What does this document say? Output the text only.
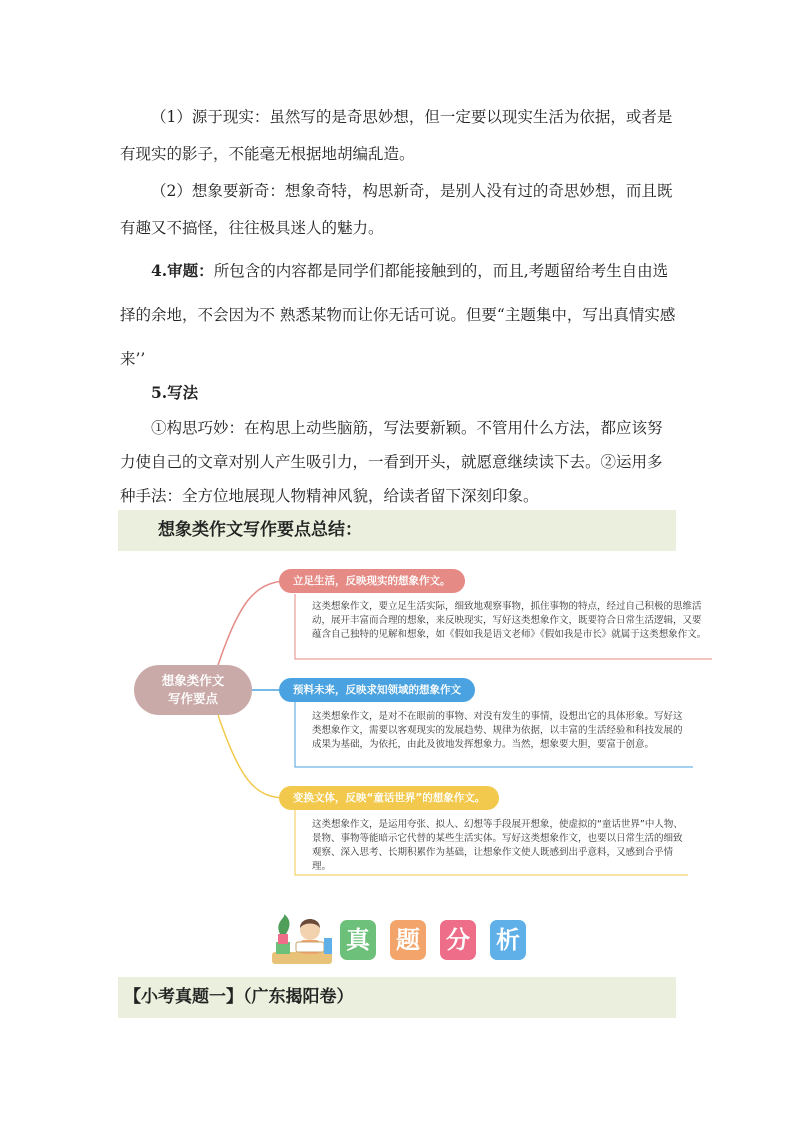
（1）源于现实：虽然写的是奇思妙想，但一定要以现实生活为依据，或者是有现实的影子，不能毫无根据地胡编乱造。

（2）想象要新奇：想象奇特，构思新奇，是别人没有过的奇思妙想，而且既有趣又不搞怪，往往极具迷人的魅力。

4.审题：所包含的内容都是同学们都能接触到的，而且,考题留给考生自由选择的余地，不会因为不 熟悉某物而让你无话可说。但要“主题集中，写出真情实感来’’

5.写法

①构思巧妙：在构思上动些脑筋，写法要新颖。不管用什么方法，都应该努力使自己的文章对别人产生吸引力，一看到开头，就愿意继续读下去。②运用多种手法：全方位地展现人物精神风貌，给读者留下深刻印象。

想象类作文写作要点总结：
想象类作文
写作要点
立足生活，反映现实的想象作文。
这类想象作文，要立足生活实际，细致地观察事物，抓住事物的特点，经过自己积极的思维活动，展开丰富而合理的想象，来反映现实，写好这类想象作文，既要符合日常生活逻辑，又要蕴含自己独特的见解和想象，如《假如我是语文老师》《假如我是市长》就属于这类想象作文。
预料未来，反映求知领域的想象作文
这类想象作文，是对不在眼前的事物、对没有发生的事情，设想出它的具体形象。写好这类想象作文，需要以客观现实的发展趋势、规律为依据，以丰富的生活经验和科技发展的成果为基础，为依托，由此及彼地发挥想象力。当然，想象要大胆，要富于创意。
变换文体，反映“童话世界”的想象作文。
这类想象作文，是运用夸张、拟人、幻想等手段展开想象，使虚拟的“童话世界”中人物、景物、事物等能暗示它代替的某些生活实体。写好这类想象作文，也要以日常生活的细致观察、深入思考、长期积累作为基础，让想象作文使人既感到出乎意料，又感到合乎情理。
真 题 分 析
【小考真题一】（广东揭阳卷）
